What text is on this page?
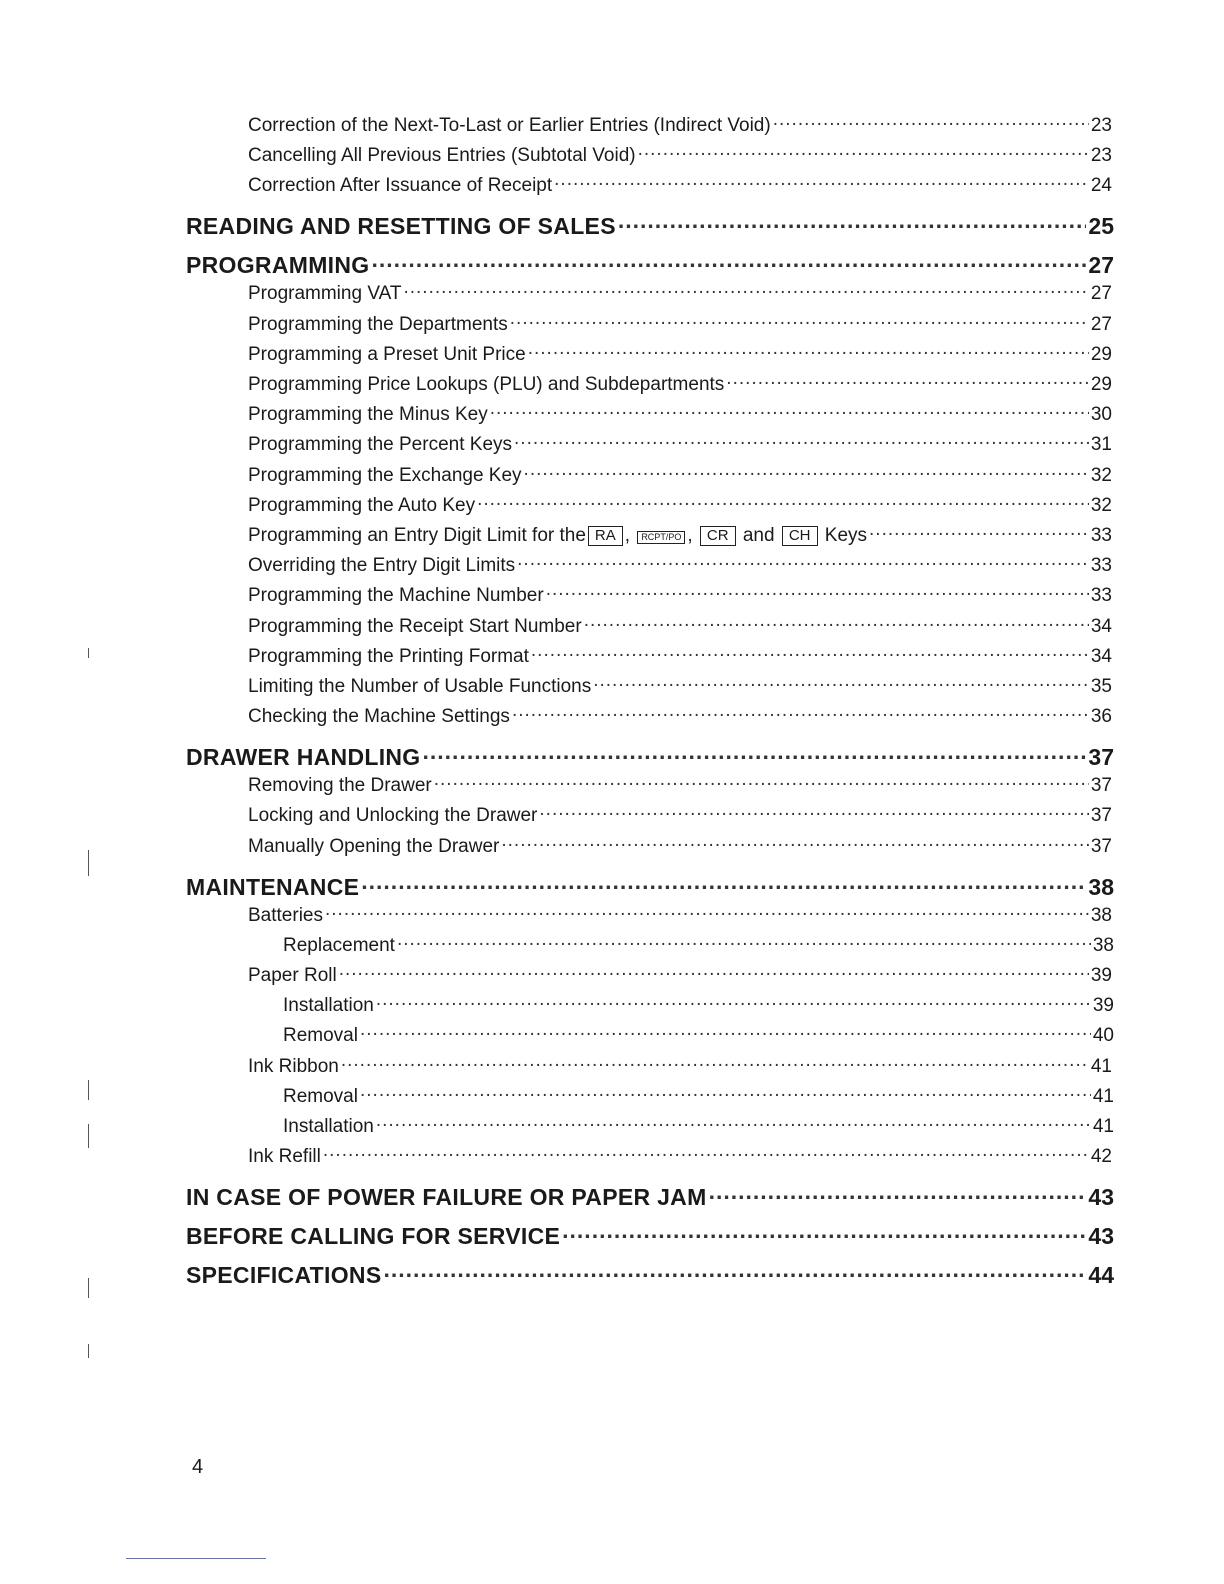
Correction of the Next-To-Last or Earlier Entries (Indirect Void) .....	23
Cancelling All Previous Entries (Subtotal Void) .....	23
Correction After Issuance of Receipt .....	24
READING AND RESETTING OF SALES .....	25
PROGRAMMING .....	27
Programming VAT .....	27
Programming the Departments .....	27
Programming a Preset Unit Price .....	29
Programming Price Lookups (PLU) and Subdepartments .....	29
Programming the Minus Key .....	30
Programming the Percent Keys .....	31
Programming the Exchange Key .....	32
Programming the Auto Key .....	32
Programming an Entry Digit Limit for the RA , RCPT/PO , CR and CH Keys .....	33
Overriding the Entry Digit Limits .....	33
Programming the Machine Number .....	33
Programming the Receipt Start Number .....	34
Programming the Printing Format .....	34
Limiting the Number of Usable Functions .....	35
Checking the Machine Settings .....	36
DRAWER HANDLING .....	37
Removing the Drawer .....	37
Locking and Unlocking the Drawer .....	37
Manually Opening the Drawer .....	37
MAINTENANCE .....	38
Batteries .....	38
Replacement .....	38
Paper Roll .....	39
Installation .....	39
Removal .....	40
Ink Ribbon .....	41
Removal .....	41
Installation .....	41
Ink Refill .....	42
IN CASE OF POWER FAILURE OR PAPER JAM .....	43
BEFORE CALLING FOR SERVICE .....	43
SPECIFICATIONS .....	44
4
